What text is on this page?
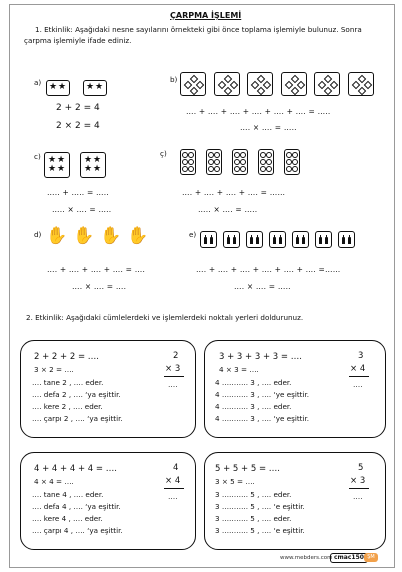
ÇARPMA İŞLEMİ
1. Etkinlik: Aşağıdaki nesne sayılarını örnekteki gibi önce toplama işlemiyle bulunuz. Sonra
çarpma işlemiyle ifade ediniz.
a) ★ ★ ★ ★
2 + 2 = 4
2 × 2 = 4
b)
…. + …. + …. + …. + …. + …. = …..
…. × …. = …..
c) ★ ★
★ ★
★ ★
★ ★
….. + ….. = …..
….. × …. = …..
ç)
…. + …. + …. + …. = ……
….. × …. = …..
d) ✋ ✋ ✋ ✋
…. + …. + …. + …. = ….
…. × …. = ….
e)
…. + …. + …. + …. + …. + …. =……
…. × …. = …..
2. Etkinlik: Aşağıdaki cümlelerdeki ve işlemlerdeki noktalı yerleri doldurunuz.
2 + 2 + 2 = ….
3 × 2 = ….
…. tane 2 , …. eder.
…. defa 2 , …. ‘ya eşittir.
…. kere 2 , …. eder.
…. çarpı 2 , …. ‘ya eşittir.
2
× 3
….
3 + 3 + 3 + 3 = ….
4 × 3 = ….
4 ……….. 3 , …. eder.
4 ……….. 3 , …. ‘ye eşittir.
4 ……….. 3 , …. eder.
4 ……….. 3 , …. ‘ye eşittir.
3
× 4
….
4 + 4 + 4 + 4 = ….
4 × 4 = ….
…. tane 4 , …. eder.
…. defa 4 , …. ‘ya eşittir.
…. kere 4 , …. eder.
…. çarpı 4 , …. ‘ya eşittir.
4
× 4
….
5 + 5 + 5 = ….
3 × 5 = ….
3 ……….. 5 , …. eder.
3 ……….. 5 , …. ‘e eşittir.
3 ……….. 5 , …. eder.
3 ……….. 5 , …. ‘e eşittir.
5
× 3
….
www.mebders.com cmac150 ŞM
